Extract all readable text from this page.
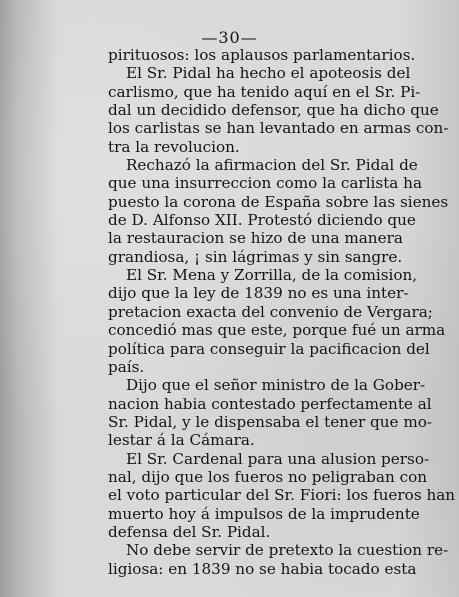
—30—
pirituosos: los aplausos parlamentarios.
El Sr. Pidal ha hecho el apoteosis del
carlismo, que ha tenido aquí en el Sr. Pi-
dal un decidido defensor, que ha dicho que
los carlistas se han levantado en armas con-
tra la revolucion.
Rechazó la afirmacion del Sr. Pidal de
que una insurreccion como la carlista ha
puesto la corona de España sobre las sienes
de D. Alfonso XII. Protestó diciendo que
la restauracion se hizo de una manera
grandiosa, ¡ sin lágrimas y sin sangre.
El Sr. Mena y Zorrilla, de la comision,
dijo que la ley de 1839 no es una inter-
pretacion exacta del convenio de Vergara;
concedió mas que este, porque fué un arma
política para conseguir la pacificacion del
país.
Dijo que el señor ministro de la Gober-
nacion habia contestado perfectamente al
Sr. Pidal, y le dispensaba el tener que mo-
lestar á la Cámara.
El Sr. Cardenal para una alusion perso-
nal, dijo que los fueros no peligraban con
el voto particular del Sr. Fiori: los fueros han
muerto hoy á impulsos de la imprudente
defensa del Sr. Pidal.
No debe servir de pretexto la cuestion re-
ligiosa: en 1839 no se habia tocado esta
